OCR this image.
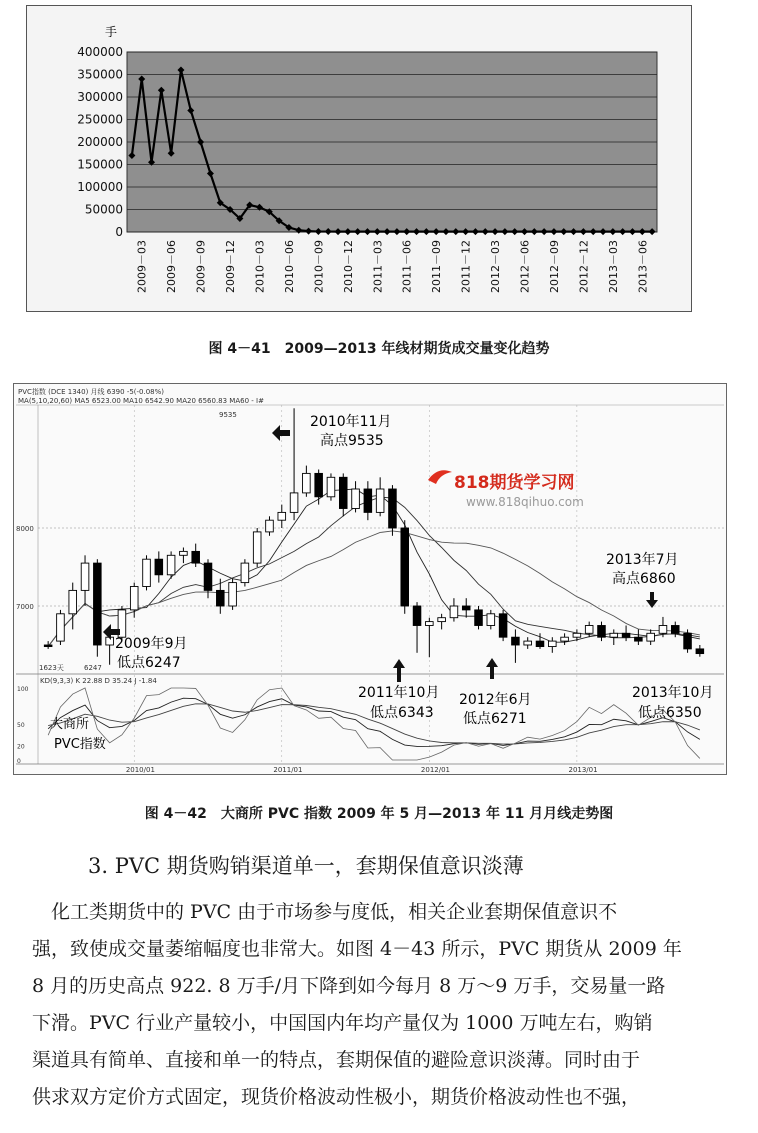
手
400000
350000
300000
250000
200000
150000
100000
50000
0
2009－03 2009－06 2009－09 2009－12 2010－03 2010－06 2010－09 2010－12 2011－03 2011－06 2011－09 2011－12 2012－03 2012－06 2012－09 2012－12 2013－03 2013－06
图 4－41　2009—2013 年线材期货成交量变化趋势
PVC指数 (DCE 1340) 月线 6390 -5(-0.08%)
MA(5,10,20,60) MA5 6523.00 MA10 6542.90 MA20 6560.83 MA60 - I#
8000
7000
1623天	6247
9535
KD(9,3,3) K 22.88 D 35.24 J -1.84
100
50
20
0
2010/01	2011/01	2012/01	2013/01
818期货学习网
www.818qihuo.com
2010年11月
高点9535
2009年9月
低点6247
2011年10月
低点6343
2012年6月
低点6271
2013年7月
高点6860
2013年10月
低点6350
大商所
PVC指数
图 4－42　大商所 PVC 指数 2009 年 5 月—2013 年 11 月月线走势图
3. PVC 期货购销渠道单一，套期保值意识淡薄

　化工类期货中的 PVC 由于市场参与度低，相关企业套期保值意识不

强，致使成交量萎缩幅度也非常大。如图 4－43 所示，PVC 期货从 2009 年

8 月的历史高点 922. 8 万手/月下降到如今每月 8 万～9 万手，交易量一路

下滑。PVC 行业产量较小，中国国内年均产量仅为 1000 万吨左右，购销

渠道具有简单、直接和单一的特点，套期保值的避险意识淡薄。同时由于

供求双方定价方式固定，现货价格波动性极小，期货价格波动性也不强，
